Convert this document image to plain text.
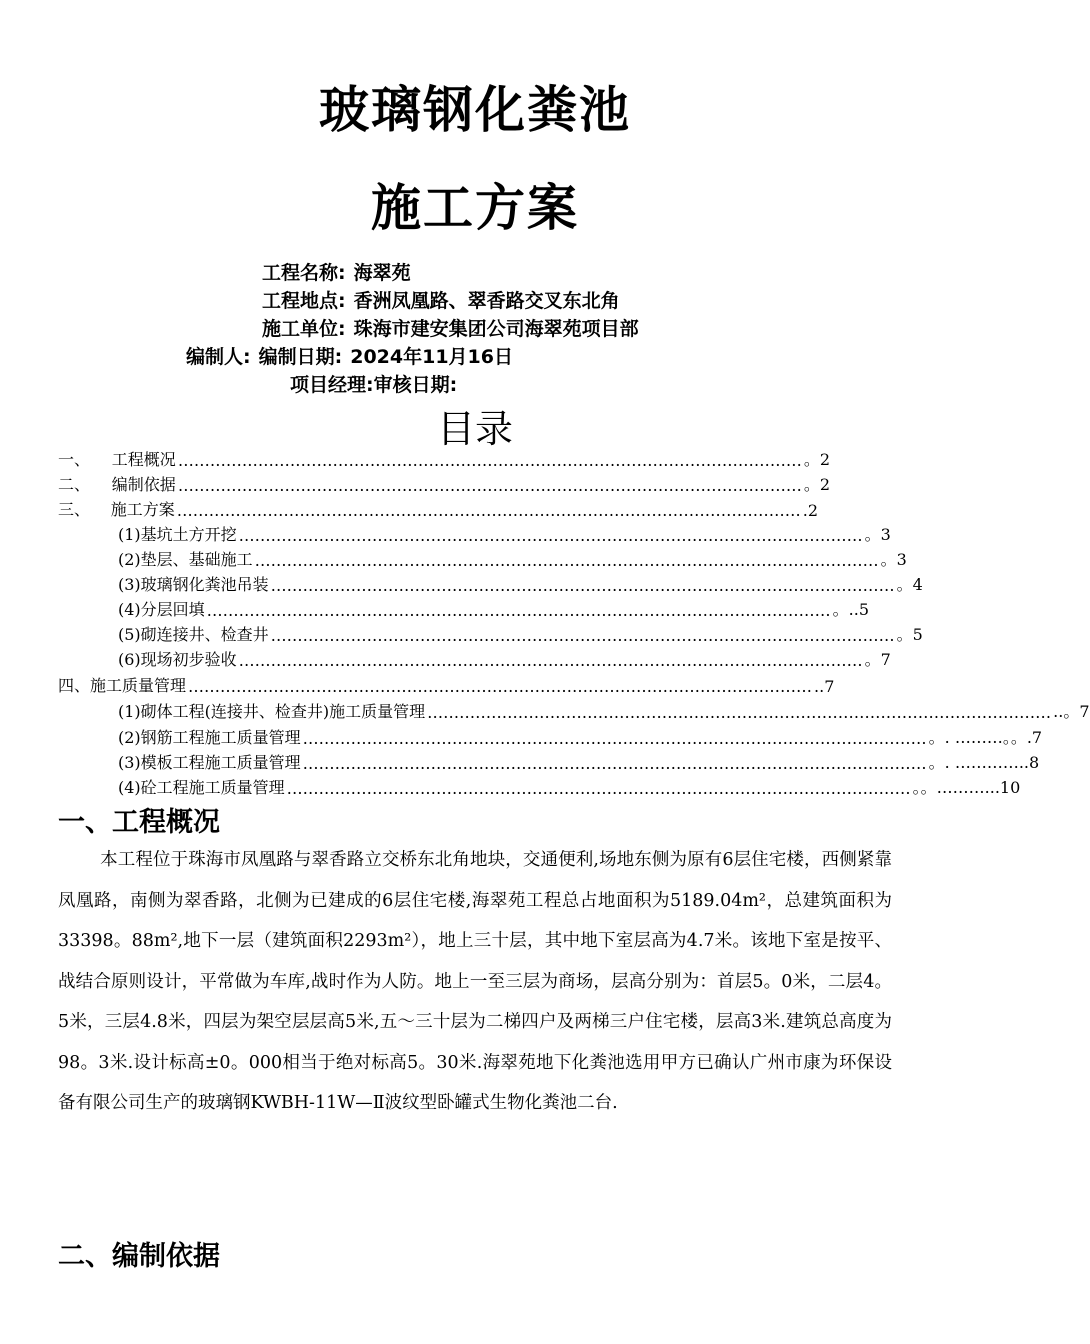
玻璃钢化粪池
施工方案
工程名称: 海翠苑
工程地点: 香洲凤凰路、翠香路交叉东北角
施工单位: 珠海市建安集团公司海翠苑项目部
编制人: 编制日期: 2024年11月16日
项目经理:审核日期:
目录
一、	工程概况 ……………………………………………………………………………………………………… 。2
二、	编制依据 ……………………………………………………………………………………………………… 。2
三、	施工方案 ……………………………………………………………………………………………………… .2
(1)基坑土方开挖 ……………………………………………………………………………………………………… 。3
(2)垫层、基础施工 ……………………………………………………………………………………………………… 。3
(3)玻璃钢化粪池吊装 ……………………………………………………………………………………………………… 。4
(4)分层回填 ……………………………………………………………………………………………………… 。..5
(5)砌连接井、检查井 ……………………………………………………………………………………………………… 。5
(6)现场初步验收 ……………………………………………………………………………………………………… 。7
四、 施工质量管理 ……………………………………………………………………………………………………… ..7
(1)砌体工程(连接井、检查井)施工质量管理 ……………………………………………………………………………………………………… ..。7
(2)钢筋工程施工质量管理 ……………………………………………………………………………………………………… 。. ………。。.7
(3)模板工程施工质量管理 ……………………………………………………………………………………………………… 。. …………..8
(4)砼工程施工质量管理 ……………………………………………………………………………………………………… 。。………...10
一、工程概况
本工程位于珠海市凤凰路与翠香路立交桥东北角地块，交通便利,场地东侧为原有6层住宅楼，西侧紧靠凤凰路，南侧为翠香路，北侧为已建成的6层住宅楼,海翠苑工程总占地面积为5189.04m²，总建筑面积为33398。88m²,地下一层（建筑面积2293m²），地上三十层，其中地下室层高为4.7米。该地下室是按平、战结合原则设计，平常做为车库,战时作为人防。地上一至三层为商场，层高分别为：首层5。0米，二层4。5米，三层4.8米，四层为架空层层高5米,五～三十层为二梯四户及两梯三户住宅楼，层高3米.建筑总高度为98。3米.设计标高±0。000相当于绝对标高5。30米.海翠苑地下化粪池选用甲方已确认广州市康为环保设备有限公司生产的玻璃钢KWBH-11W—Ⅱ波纹型卧罐式生物化粪池二台.
二、编制依据
